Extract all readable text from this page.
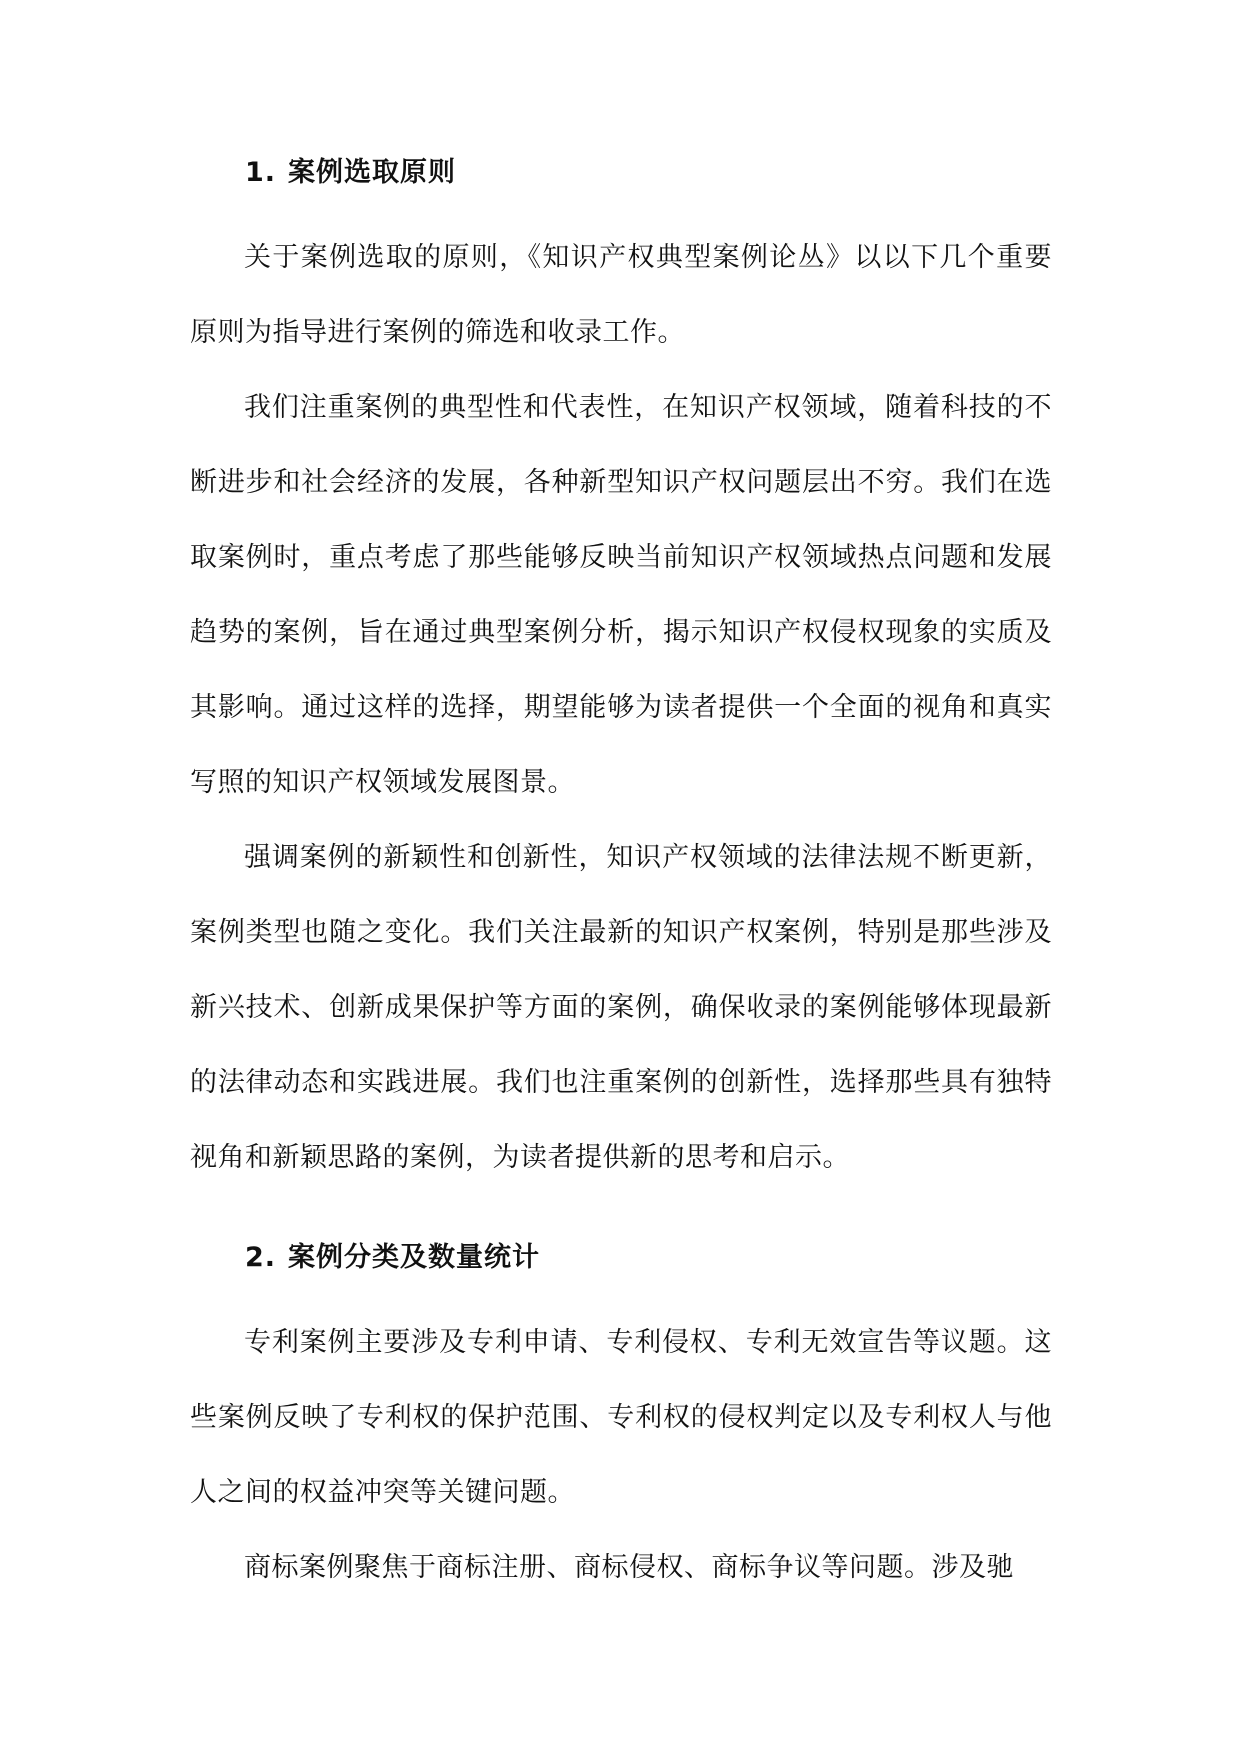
1. 案例选取原则

关于案例选取的原则，《知识产权典型案例论丛》以以下几个重要原则为指导进行案例的筛选和收录工作。

我们注重案例的典型性和代表性，在知识产权领域，随着科技的不断进步和社会经济的发展，各种新型知识产权问题层出不穷。我们在选取案例时，重点考虑了那些能够反映当前知识产权领域热点问题和发展趋势的案例，旨在通过典型案例分析，揭示知识产权侵权现象的实质及其影响。通过这样的选择，期望能够为读者提供一个全面的视角和真实写照的知识产权领域发展图景。

强调案例的新颖性和创新性，知识产权领域的法律法规不断更新，案例类型也随之变化。我们关注最新的知识产权案例，特别是那些涉及新兴技术、创新成果保护等方面的案例，确保收录的案例能够体现最新的法律动态和实践进展。我们也注重案例的创新性，选择那些具有独特视角和新颖思路的案例，为读者提供新的思考和启示。

2. 案例分类及数量统计

专利案例主要涉及专利申请、专利侵权、专利无效宣告等议题。这些案例反映了专利权的保护范围、专利权的侵权判定以及专利权人与他人之间的权益冲突等关键问题。

商标案例聚焦于商标注册、商标侵权、商标争议等问题。涉及驰
